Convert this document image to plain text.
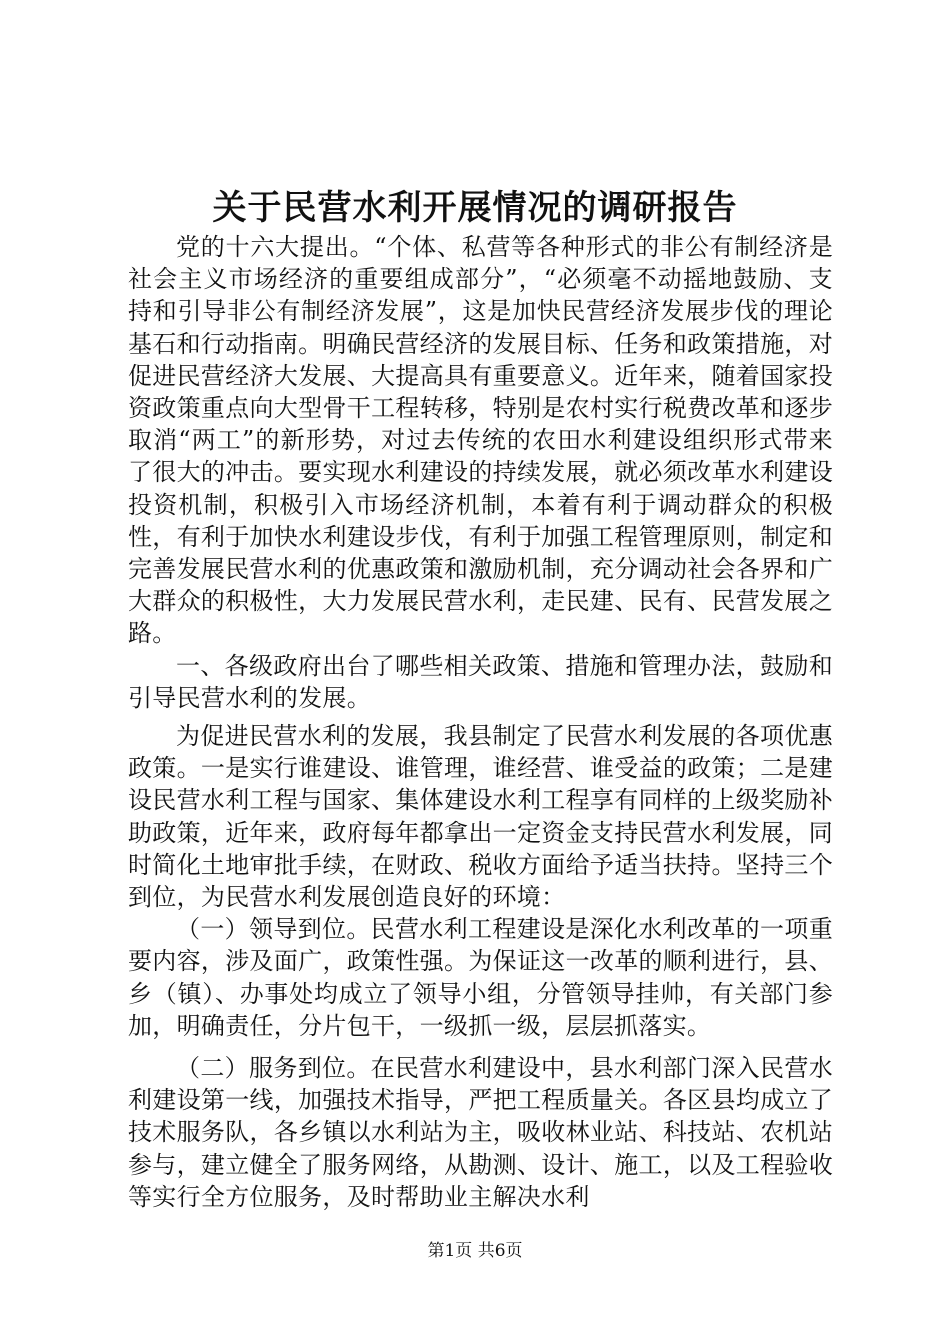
关于民营水利开展情况的调研报告

党的十六大提出。“个体、私营等各种形式的非公有制经济是社会主义市场经济的重要组成部分”，“必须毫不动摇地鼓励、支持和引导非公有制经济发展”，这是加快民营经济发展步伐的理论基石和行动指南。明确民营经济的发展目标、任务和政策措施，对促进民营经济大发展、大提高具有重要意义。近年来，随着国家投资政策重点向大型骨干工程转移，特别是农村实行税费改革和逐步取消“两工”的新形势，对过去传统的农田水利建设组织形式带来了很大的冲击。要实现水利建设的持续发展，就必须改革水利建设投资机制，积极引入市场经济机制，本着有利于调动群众的积极性，有利于加快水利建设步伐，有利于加强工程管理原则，制定和完善发展民营水利的优惠政策和激励机制，充分调动社会各界和广大群众的积极性，大力发展民营水利，走民建、民有、民营发展之路。

一、各级政府出台了哪些相关政策、措施和管理办法，鼓励和引导民营水利的发展。

为促进民营水利的发展，我县制定了民营水利发展的各项优惠政策。一是实行谁建设、谁管理，谁经营、谁受益的政策；二是建设民营水利工程与国家、集体建设水利工程享有同样的上级奖励补助政策，近年来，政府每年都拿出一定资金支持民营水利发展，同时简化土地审批手续，在财政、税收方面给予适当扶持。坚持三个到位，为民营水利发展创造良好的环境：

（一）领导到位。民营水利工程建设是深化水利改革的一项重要内容，涉及面广，政策性强。为保证这一改革的顺利进行，县、乡（镇）、办事处均成立了领导小组，分管领导挂帅，有关部门参加，明确责任，分片包干，一级抓一级，层层抓落实。

（二）服务到位。在民营水利建设中，县水利部门深入民营水利建设第一线，加强技术指导，严把工程质量关。各区县均成立了技术服务队，各乡镇以水利站为主，吸收林业站、科技站、农机站参与，建立健全了服务网络，从勘测、设计、施工，以及工程验收等实行全方位服务，及时帮助业主解决水利

第1页 共6页
